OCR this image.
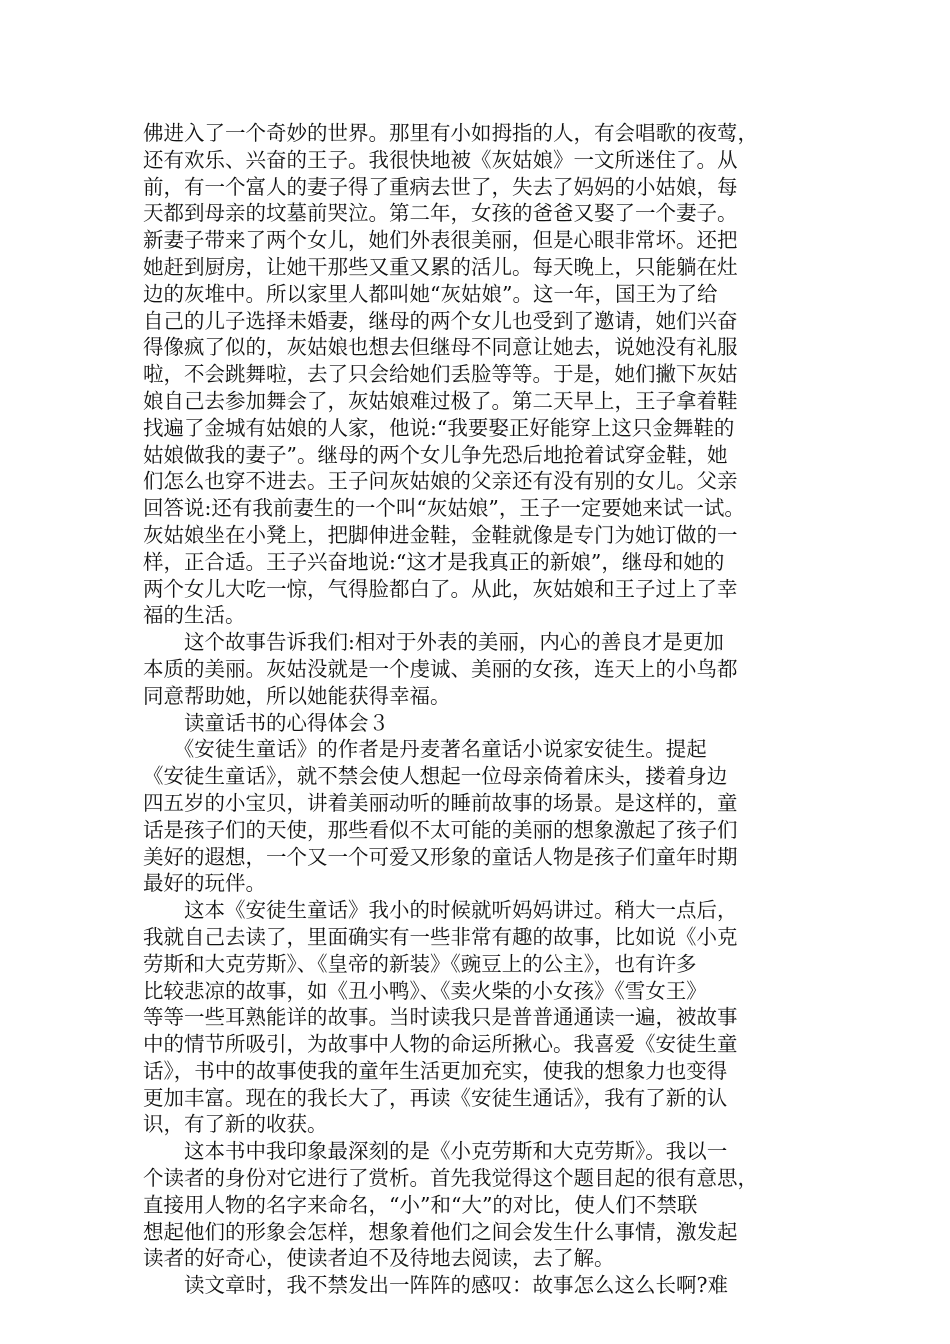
佛进入了一个奇妙的世界。那里有小如拇指的人，有会唱歌的夜莺，
还有欢乐、兴奋的王子。我很快地被《灰姑娘》一文所迷住了。从
前，有一个富人的妻子得了重病去世了，失去了妈妈的小姑娘，每
天都到母亲的坟墓前哭泣。第二年，女孩的爸爸又娶了一个妻子。
新妻子带来了两个女儿，她们外表很美丽，但是心眼非常坏。还把
她赶到厨房，让她干那些又重又累的活儿。每天晚上，只能躺在灶
边的灰堆中。所以家里人都叫她“灰姑娘”。这一年，国王为了给
自己的儿子选择未婚妻，继母的两个女儿也受到了邀请，她们兴奋
得像疯了似的，灰姑娘也想去但继母不同意让她去，说她没有礼服
啦，不会跳舞啦，去了只会给她们丢脸等等。于是，她们撇下灰姑
娘自己去参加舞会了，灰姑娘难过极了。第二天早上，王子拿着鞋
找遍了金城有姑娘的人家，他说:“我要娶正好能穿上这只金舞鞋的
姑娘做我的妻子”。继母的两个女儿争先恐后地抢着试穿金鞋，她
们怎么也穿不进去。王子问灰姑娘的父亲还有没有别的女儿。父亲
回答说:还有我前妻生的一个叫“灰姑娘”，王子一定要她来试一试。
灰姑娘坐在小凳上，把脚伸进金鞋，金鞋就像是专门为她订做的一
样，正合适。王子兴奋地说:“这才是我真正的新娘”，继母和她的
两个女儿大吃一惊，气得脸都白了。从此，灰姑娘和王子过上了幸
福的生活。
　　这个故事告诉我们:相对于外表的美丽，内心的善良才是更加
本质的美丽。灰姑没就是一个虔诚、美丽的女孩，连天上的小鸟都
同意帮助她，所以她能获得幸福。
　　读童话书的心得体会３
　　《安徒生童话》的作者是丹麦著名童话小说家安徒生。提起
《安徒生童话》，就不禁会使人想起一位母亲倚着床头，搂着身边
四五岁的小宝贝，讲着美丽动听的睡前故事的场景。是这样的，童
话是孩子们的天使，那些看似不太可能的美丽的想象激起了孩子们
美好的遐想，一个又一个可爱又形象的童话人物是孩子们童年时期
最好的玩伴。
　　这本《安徒生童话》我小的时候就听妈妈讲过。稍大一点后，
我就自己去读了，里面确实有一些非常有趣的故事，比如说《小克
劳斯和大克劳斯》、《皇帝的新装》《豌豆上的公主》，也有许多
比较悲凉的故事，如《丑小鸭》、《卖火柴的小女孩》《雪女王》
等等一些耳熟能详的故事。当时读我只是普普通通读一遍，被故事
中的情节所吸引，为故事中人物的命运所揪心。我喜爱《安徒生童
话》，书中的故事使我的童年生活更加充实，使我的想象力也变得
更加丰富。现在的我长大了，再读《安徒生通话》，我有了新的认
识，有了新的收获。
　　这本书中我印象最深刻的是《小克劳斯和大克劳斯》。我以一
个读者的身份对它进行了赏析。首先我觉得这个题目起的很有意思，
直接用人物的名字来命名，“小”和“大”的对比，使人们不禁联
想起他们的形象会怎样，想象着他们之间会发生什么事情，激发起
读者的好奇心，使读者迫不及待地去阅读，去了解。
　　读文章时，我不禁发出一阵阵的感叹：故事怎么这么长啊?难
